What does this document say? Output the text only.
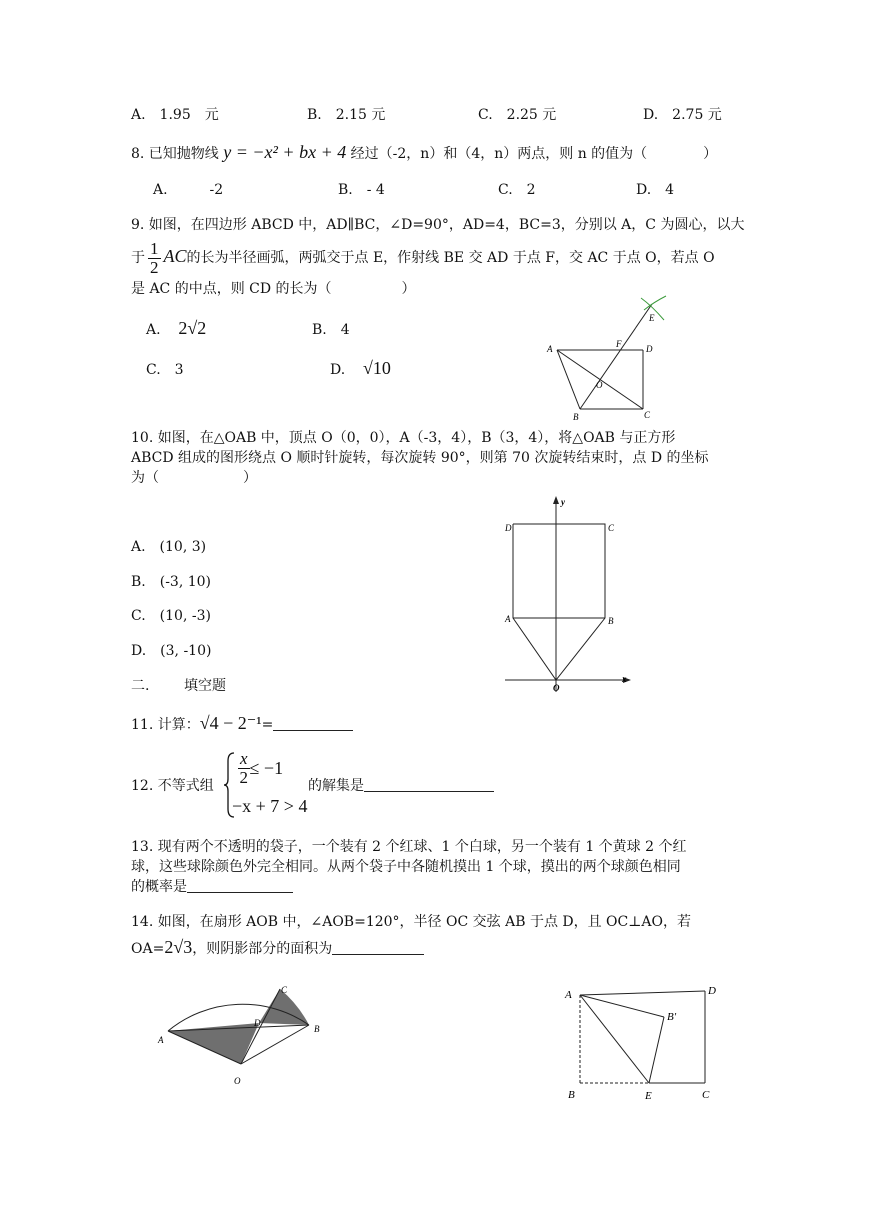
A.　1.95　元	B.　2.15 元	C.　2.25 元	D.　2.75 元
8. 已知抛物线 y = −x² + bx + 4 经过（-2，n）和（4，n）两点，则 n 的值为（　　　　）
A.　　　-2	B.　- 4	C.　2	D.　4
9. 如图，在四边形 ABCD 中，AD∥BC，∠D=90°，AD=4，BC=3，分别以 A，C 为圆心，以大
于 $\frac{1}{2}$ AC的长为半径画弧，两弧交于点 E，作射线 BE 交 AD 于点 F，交 AC 于点 O，若点 O
是 AC 的中点，则 CD 的长为（　　　　　）
A. 2√2	B.　4
C.　3	D. √10
A	D
F
O
B	C
E
10. 如图，在△OAB 中，顶点 O（0，0），A（-3，4），B（3，4），将△OAB 与正方形
ABCD 组成的图形绕点 O 顺时针旋转，每次旋转 90°，则第 70 次旋转结束时，点 D 的坐标
为（　　　　　　）
A.　(10, 3)
B.　(-3, 10)
C.　(10, -3)
D.　(3, -10)
y
x
O
D	C
A	B
二. 填空题
11. 计算：√4 − 2⁻¹=
12. 不等式组 $\frac{x}{2} \le -1$
−x + 7 > 4
的解集是
13. 现有两个不透明的袋子，一个装有 2 个红球、1 个白球，另一个装有 1 个黄球 2 个红
球，这些球除颜色外完全相同。从两个袋子中各随机摸出 1 个球，摸出的两个球颜色相同
的概率是
14. 如图，在扇形 AOB 中，∠AOB=120°，半径 OC 交弦 AB 于点 D，且 OC⊥AO，若
OA=2√3，则阴影部分的面积为
A
C
D
B
O
A	D
B′
B	E	C
